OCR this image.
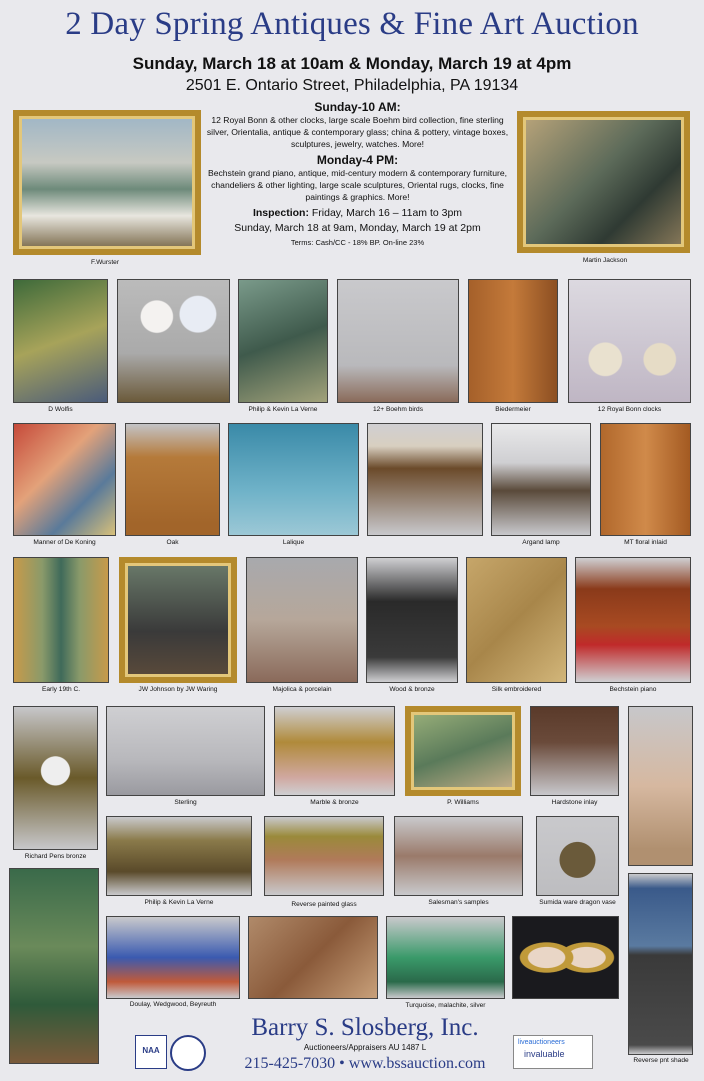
2 Day Spring Antiques & Fine Art Auction
Sunday, March 18 at 10am & Monday, March 19 at 4pm
2501 E. Ontario Street, Philadelphia, PA 19134
F.Wurster	Martin Jackson
Sunday-10 AM:
12 Royal Bonn & other clocks, large scale Boehm bird collection, fine sterling silver, Orientalia, antique & contemporary glass; china & pottery, vintage boxes, sculptures, jewelry, watches. More!
Monday-4 PM:
Bechstein grand piano, antique, mid-century modern & contemporary furniture, chandeliers & other lighting, large scale sculptures, Oriental rugs, clocks, fine paintings & graphics. More!
Inspection: Friday, March 16 – 11am to 3pm
Sunday, March 18 at 9am, Monday, March 19 at 2pm
Terms: Cash/CC - 18% BP. On-line 23%
D Wolfis	Philip & Kevin La Verne	12+ Boehm birds	Biedermeier	12 Royal Bonn clocks
Manner of De Koning	Oak	Lalique	Argand lamp	MT floral inlaid
Early 19th C.	JW Johnson by JW Waring	Majolica & porcelain	Wood & bronze	Silk embroidered	Bechstein piano
Richard Pens bronze
Sterling	Marble & bronze	P. Williams	Hardstone inlay
Philip & Kevin La Verne	Reverse painted glass	Salesman's samples	Sumida ware dragon vase
Doulay, Wedgwood, Beyreuth	Turquoise, malachite, silver
Reverse pnt shade
NAA
Barry S. Slosberg, Inc.
Auctioneers/Appraisers AU 1487 L
215-425-7030 • www.bssauction.com
liveauctioneers
invaluable
